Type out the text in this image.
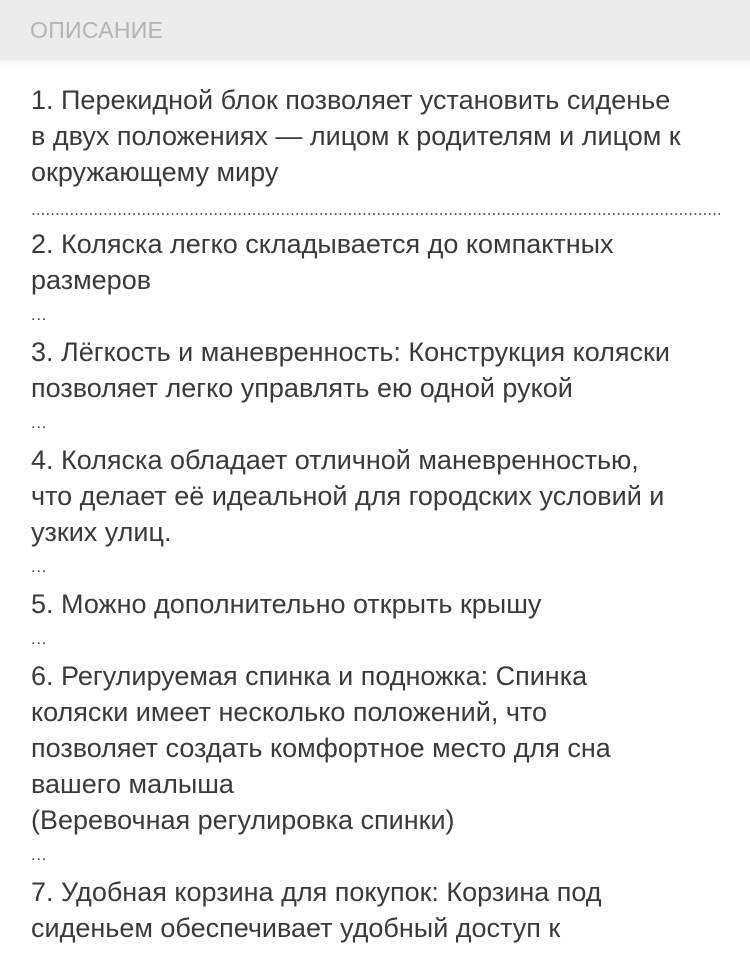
ОПИСАНИЕ
1. Перекидной блок позволяет установить сиденье
в двух положениях — лицом к родителям и лицом к
окружающему миру
2. Коляска легко складывается до компактных
размеров
...
3. Лёгкость и маневренность: Конструкция коляски
позволяет легко управлять ею одной рукой
...
4. Коляска обладает отличной маневренностью,
что делает её идеальной для городских условий и
узких улиц.
...
5. Можно дополнительно открыть крышу
...
6. Регулируемая спинка и подножка: Спинка
коляски имеет несколько положений, что
позволяет создать комфортное место для сна
вашего малыша
(Веревочная регулировка спинки)
...
7. Удобная корзина для покупок: Корзина под
сиденьем обеспечивает удобный доступ к
